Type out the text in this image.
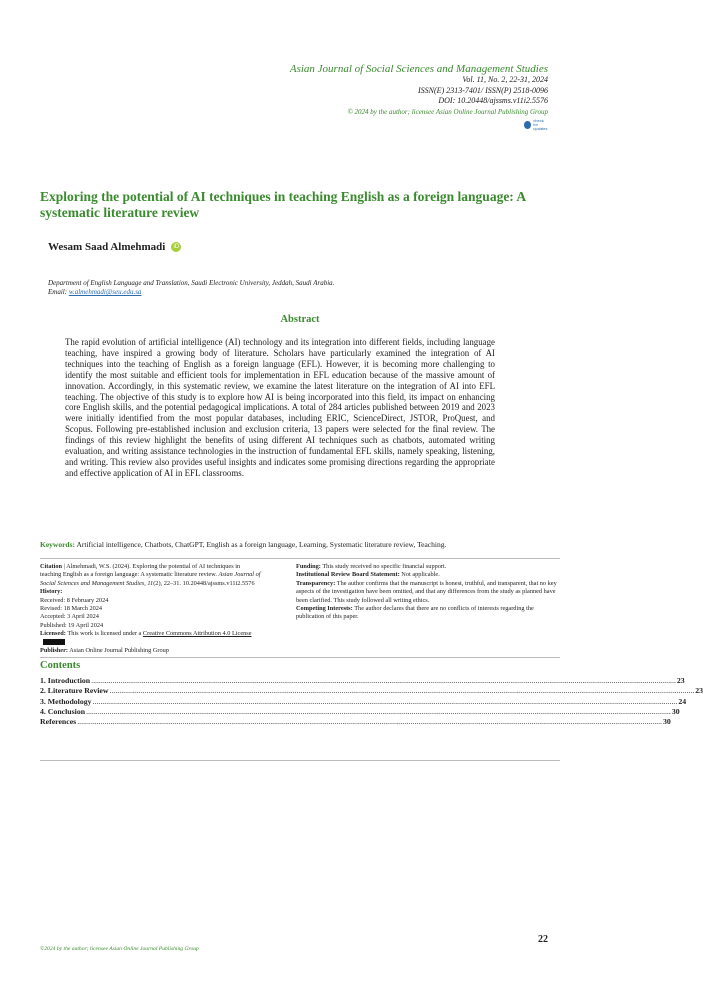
Asian Journal of Social Sciences and Management Studies
Vol. 11, No. 2, 22-31, 2024
ISSN(E) 2313-7401/ ISSN(P) 2518-0096
DOI: 10.20448/ajssms.v11i2.5576
© 2024 by the author; licensee Asian Online Journal Publishing Group
check for
updates
Exploring the potential of AI techniques in teaching English as a foreign language: A systematic literature review
Wesam Saad Almehmadi	iD
Department of English Language and Translation, Saudi Electronic University, Jeddah, Saudi Arabia.
Email: w.almehmadi@seu.edu.sa
Abstract
The rapid evolution of artificial intelligence (AI) technology and its integration into different fields, including language teaching, have inspired a growing body of literature. Scholars have particularly examined the integration of AI techniques into the teaching of English as a foreign language (EFL). However, it is becoming more challenging to identify the most suitable and efficient tools for implementation in EFL education because of the massive amount of innovation. Accordingly, in this systematic review, we examine the latest literature on the integration of AI into EFL teaching. The objective of this study is to explore how AI is being incorporated into this field, its impact on enhancing core English skills, and the potential pedagogical implications. A total of 284 articles published between 2019 and 2023 were initially identified from the most popular databases, including ERIC, ScienceDirect, JSTOR, ProQuest, and Scopus. Following pre-established inclusion and exclusion criteria, 13 papers were selected for the final review. The findings of this review highlight the benefits of using different AI techniques such as chatbots, automated writing evaluation, and writing assistance technologies in the instruction of fundamental EFL skills, namely speaking, listening, and writing. This review also provides useful insights and indicates some promising directions regarding the appropriate and effective application of AI in EFL classrooms.
Keywords: Artificial intelligence, Chatbots, ChatGPT, English as a foreign language, Learning, Systematic literature review, Teaching.
Citation | Almehmadi, W.S. (2024). Exploring the potential of AI techniques in teaching English as a foreign language: A systematic literature review. Asian Journal of Social Sciences and Management Studies, 11(2), 22–31. 10.20448/ajssms.v11i2.5576
History:
Received: 8 February 2024
Revised: 18 March 2024
Accepted: 3 April 2024
Published: 19 April 2024
Licensed: This work is licensed under a Creative Commons Attribution 4.0 License
Publisher: Asian Online Journal Publishing Group
Funding: This study received no specific financial support.
Institutional Review Board Statement: Not applicable.
Transparency: The author confirms that the manuscript is honest, truthful, and transparent, that no key aspects of the investigation have been omitted, and that any differences from the study as planned have been clarified. This study followed all writing ethics.
Competing Interests: The author declares that there are no conflicts of interests regarding the publication of this paper.
Contents
1. Introduction ............................................................................................................................................................................................................................................................................................................ 23
2. Literature Review ............................................................................................................................................................................................................................................................................................................ 23
3. Methodology ............................................................................................................................................................................................................................................................................................................ 24
4. Conclusion ............................................................................................................................................................................................................................................................................................................ 30
References ............................................................................................................................................................................................................................................................................................................ 30
22
©2024 by the author; licensee Asian Online Journal Publishing Group
